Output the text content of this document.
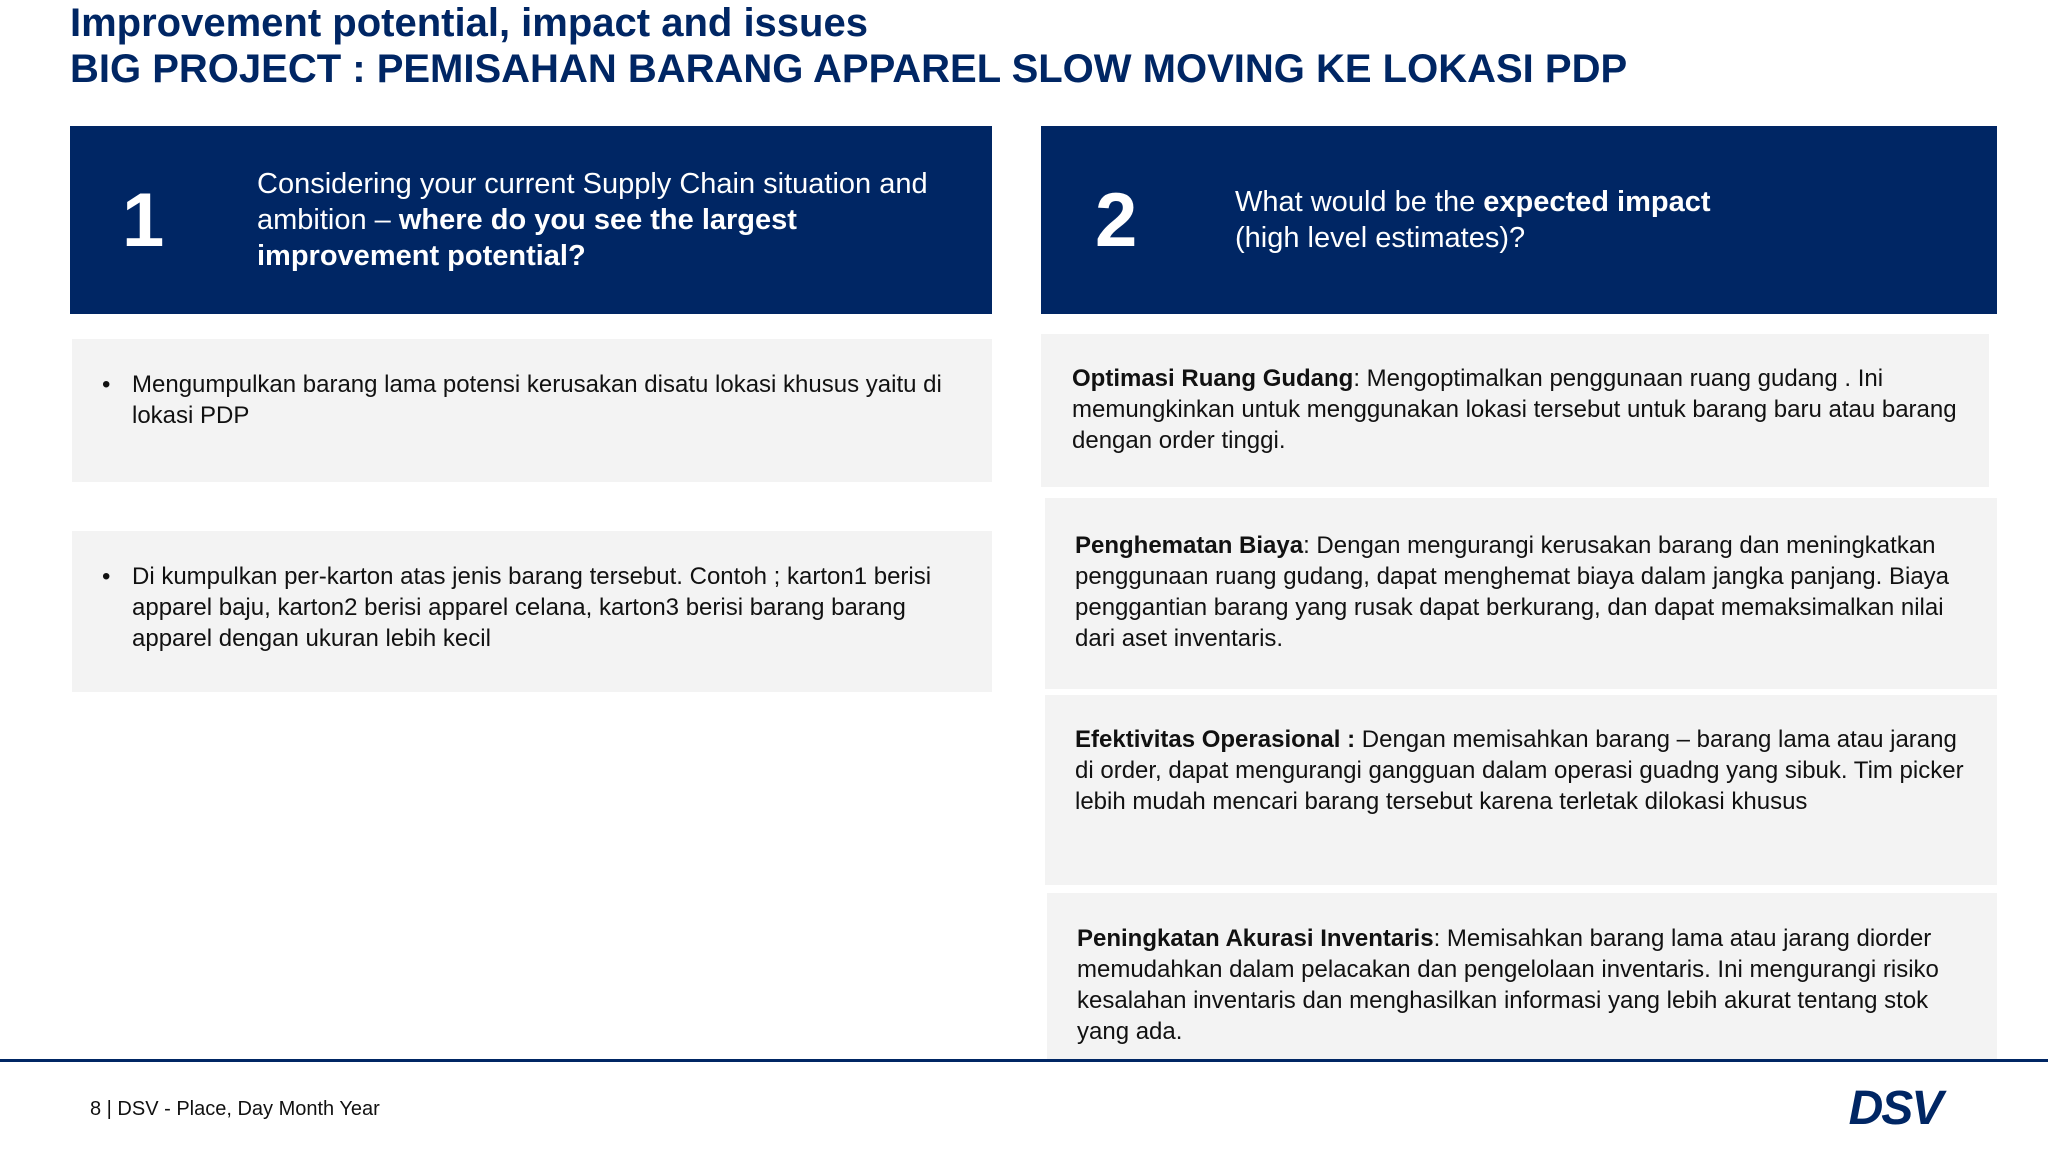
Improvement potential, impact and issues
BIG PROJECT : PEMISAHAN BARANG APPAREL SLOW MOVING KE LOKASI PDP
1	Considering your current Supply Chain situation and
ambition – where do you see the largest
improvement potential?	2	What would be the expected impact
(high level estimates)?
• Mengumpulkan barang lama potensi kerusakan disatu lokasi khusus yaitu di lokasi PDP
• Di kumpulkan per-karton atas jenis barang tersebut. Contoh ; karton1 berisi apparel baju, karton2 berisi apparel celana, karton3 berisi barang barang apparel dengan ukuran lebih kecil
Optimasi Ruang Gudang: Mengoptimalkan penggunaan ruang gudang . Ini memungkinkan untuk menggunakan lokasi tersebut untuk barang baru atau barang dengan order tinggi.
Penghematan Biaya: Dengan mengurangi kerusakan barang dan meningkatkan penggunaan ruang gudang, dapat menghemat biaya dalam jangka panjang. Biaya penggantian barang yang rusak dapat berkurang, dan dapat memaksimalkan nilai dari aset inventaris.
Efektivitas Operasional : Dengan memisahkan barang – barang lama atau jarang di order, dapat mengurangi gangguan dalam operasi guadng yang sibuk. Tim picker lebih mudah mencari barang tersebut karena terletak dilokasi khusus
Peningkatan Akurasi Inventaris: Memisahkan barang lama atau jarang diorder memudahkan dalam pelacakan dan pengelolaan inventaris. Ini mengurangi risiko kesalahan inventaris dan menghasilkan informasi yang lebih akurat tentang stok yang ada.
8 | DSV - Place, Day Month Year	DSV
